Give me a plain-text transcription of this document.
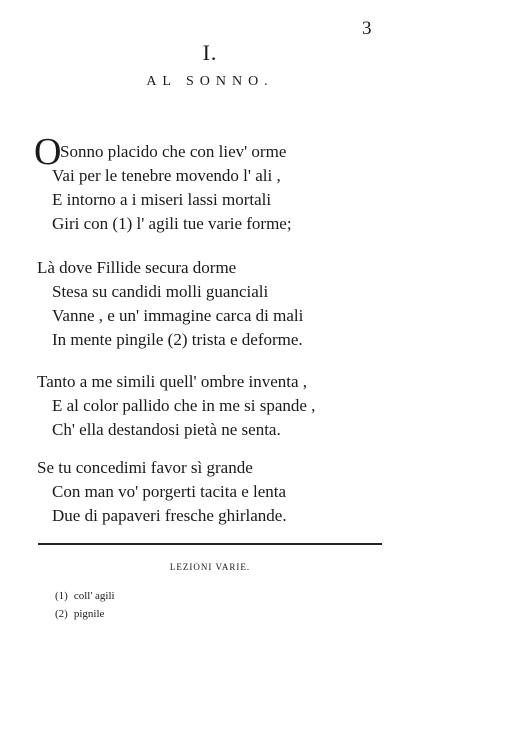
3
I.
AL SONNO.
O
Sonno placido che con liev' orme
Vai per le tenebre movendo l' ali ,
E intorno a i miseri lassi mortali
Giri con (1) l' agili tue varie forme;
Là dove Fillide secura dorme
Stesa su candidi molli guanciali
Vanne , e un' immagine carca di mali
In mente pingile (2) trista e deforme.
Tanto a me simili quell' ombre inventa ,
E al color pallido che in me si spande ,
Ch' ella destandosi pietà ne senta.
Se tu concedimi favor sì grande
Con man vo' porgerti tacita e lenta
Due di papaveri fresche ghirlande.
LEZIONI VARIE.
(1) coll' agili
(2) pignile
